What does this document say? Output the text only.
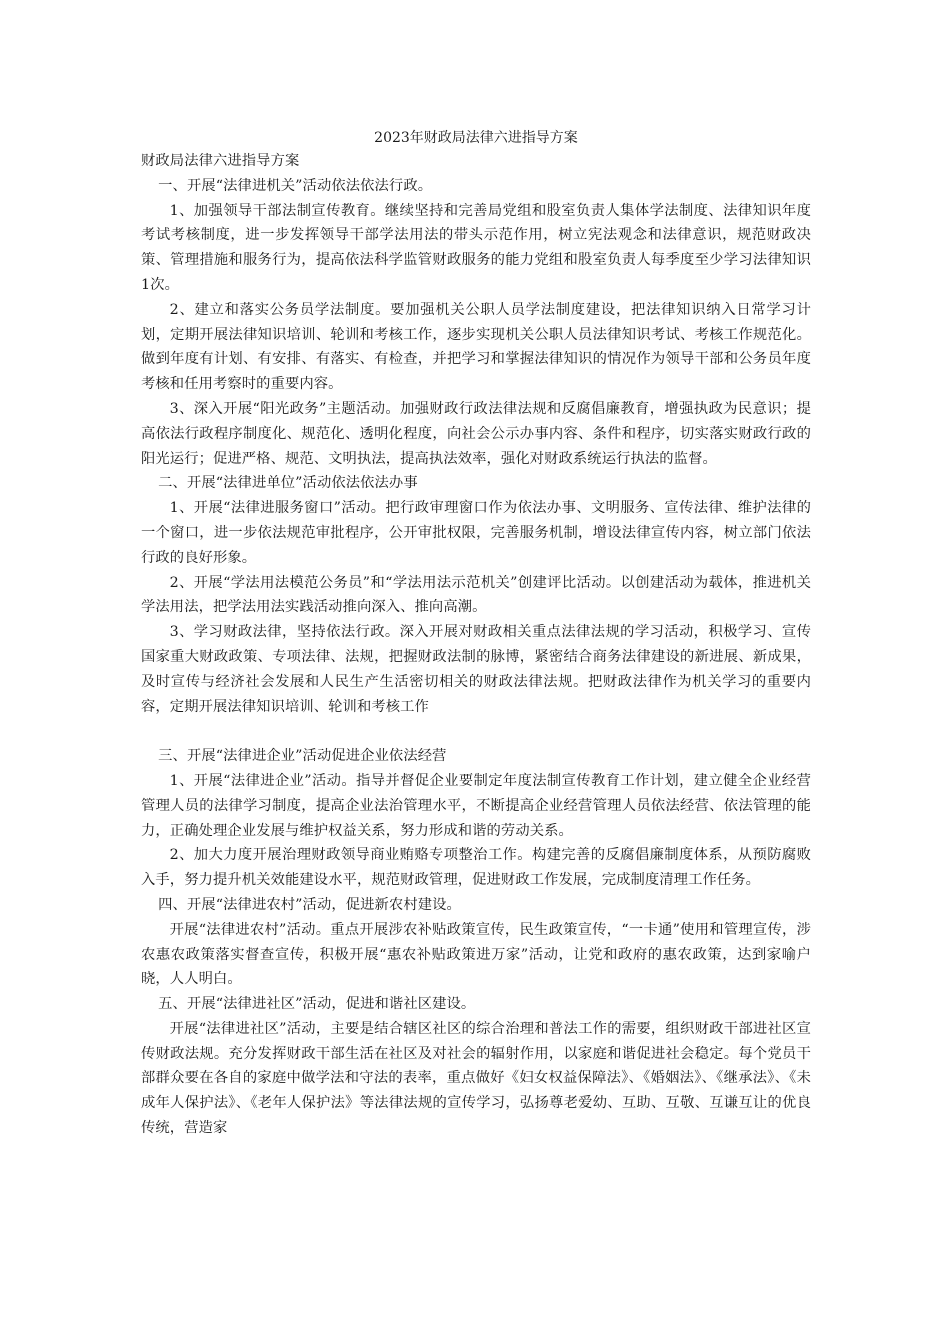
2023年财政局法律六进指导方案

财政局法律六进指导方案

一、开展“法律进机关”活动依法依法行政。

1、加强领导干部法制宣传教育。继续坚持和完善局党组和股室负责人集体学法制度、法律知识年度考试考核制度，进一步发挥领导干部学法用法的带头示范作用，树立宪法观念和法律意识，规范财政决策、管理措施和服务行为，提高依法科学监管财政服务的能力党组和股室负责人每季度至少学习法律知识1次。

2、建立和落实公务员学法制度。要加强机关公职人员学法制度建设，把法律知识纳入日常学习计划，定期开展法律知识培训、轮训和考核工作，逐步实现机关公职人员法律知识考试、考核工作规范化。做到年度有计划、有安排、有落实、有检查，并把学习和掌握法律知识的情况作为领导干部和公务员年度考核和任用考察时的重要内容。

3、深入开展“阳光政务”主题活动。加强财政行政法律法规和反腐倡廉教育，增强执政为民意识；提高依法行政程序制度化、规范化、透明化程度，向社会公示办事内容、条件和程序，切实落实财政行政的阳光运行；促进严格、规范、文明执法，提高执法效率，强化对财政系统运行执法的监督。

二、开展“法律进单位”活动依法依法办事

1、开展“法律进服务窗口”活动。把行政审理窗口作为依法办事、文明服务、宣传法律、维护法律的一个窗口，进一步依法规范审批程序，公开审批权限，完善服务机制，增设法律宣传内容，树立部门依法行政的良好形象。

2、开展“学法用法模范公务员”和“学法用法示范机关”创建评比活动。以创建活动为载体，推进机关学法用法，把学法用法实践活动推向深入、推向高潮。

3、学习财政法律，坚持依法行政。深入开展对财政相关重点法律法规的学习活动，积极学习、宣传国家重大财政政策、专项法律、法规，把握财政法制的脉博，紧密结合商务法律建设的新进展、新成果，及时宣传与经济社会发展和人民生产生活密切相关的财政法律法规。把财政法律作为机关学习的重要内容，定期开展法律知识培训、轮训和考核工作

三、开展“法律进企业”活动促进企业依法经营

1、开展“法律进企业”活动。指导并督促企业要制定年度法制宣传教育工作计划，建立健全企业经营管理人员的法律学习制度，提高企业法治管理水平，不断提高企业经营管理人员依法经营、依法管理的能力，正确处理企业发展与维护权益关系，努力形成和谐的劳动关系。

2、加大力度开展治理财政领导商业贿赂专项整治工作。构建完善的反腐倡廉制度体系，从预防腐败入手，努力提升机关效能建设水平，规范财政管理，促进财政工作发展，完成制度清理工作任务。

四、开展“法律进农村”活动，促进新农村建设。

开展“法律进农村”活动。重点开展涉农补贴政策宣传，民生政策宣传，“一卡通”使用和管理宣传，涉农惠农政策落实督查宣传，积极开展“惠农补贴政策进万家”活动，让党和政府的惠农政策，达到家喻户晓，人人明白。

五、开展“法律进社区”活动，促进和谐社区建设。

开展“法律进社区”活动，主要是结合辖区社区的综合治理和普法工作的需要，组织财政干部进社区宣传财政法规。充分发挥财政干部生活在社区及对社会的辐射作用，以家庭和谐促进社会稳定。每个党员干部群众要在各自的家庭中做学法和守法的表率，重点做好《妇女权益保障法》、《婚姻法》、《继承法》、《未成年人保护法》、《老年人保护法》等法律法规的宣传学习，弘扬尊老爱幼、互助、互敬、互谦互让的优良传统，营造家
